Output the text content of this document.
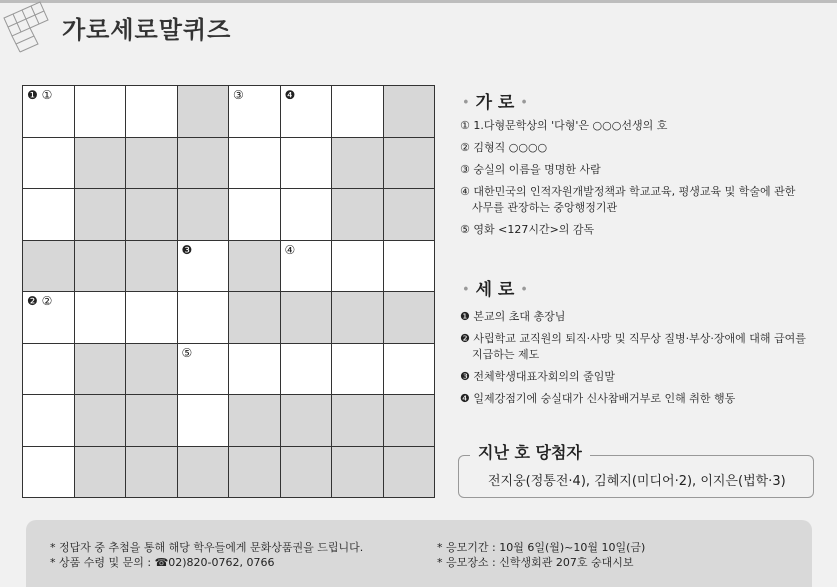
가로세로말퀴즈
❶ ①	③	❹
❸	④
❷ ②
⑤
• 가 로 •
① 1.다형문학상의 '다형'은 ○○○선생의 호
② 김형직 ○○○○
③ 숭실의 이름을 명명한 사람
④ 대한민국의 인적자원개발정책과 학교교육, 평생교육 및 학술에 관한
사무를 관장하는 중앙행정기관
⑤ 영화 <127시간>의 감독
• 세 로 •
❶ 본교의 초대 총장님
❷ 사립학교 교직원의 퇴직·사망 및 직무상 질병·부상·장애에 대해 급여를
지급하는 제도
❸ 전체학생대표자회의의 줄임말
❹ 일제강점기에 숭실대가 신사참배거부로 인해 취한 행동
지난 호 당첨자
전지웅(정통전·4), 김혜지(미디어·2), 이지은(법학·3)
* 정답자 중 추첨을 통해 해당 학우들에게 문화상품권을 드립니다.
* 상품 수령 및 문의 : ☎02)820-0762, 0766
* 응모기간 : 10월 6일(월)~10월 10일(금)
* 응모장소 : 신학생회관 207호 숭대시보
